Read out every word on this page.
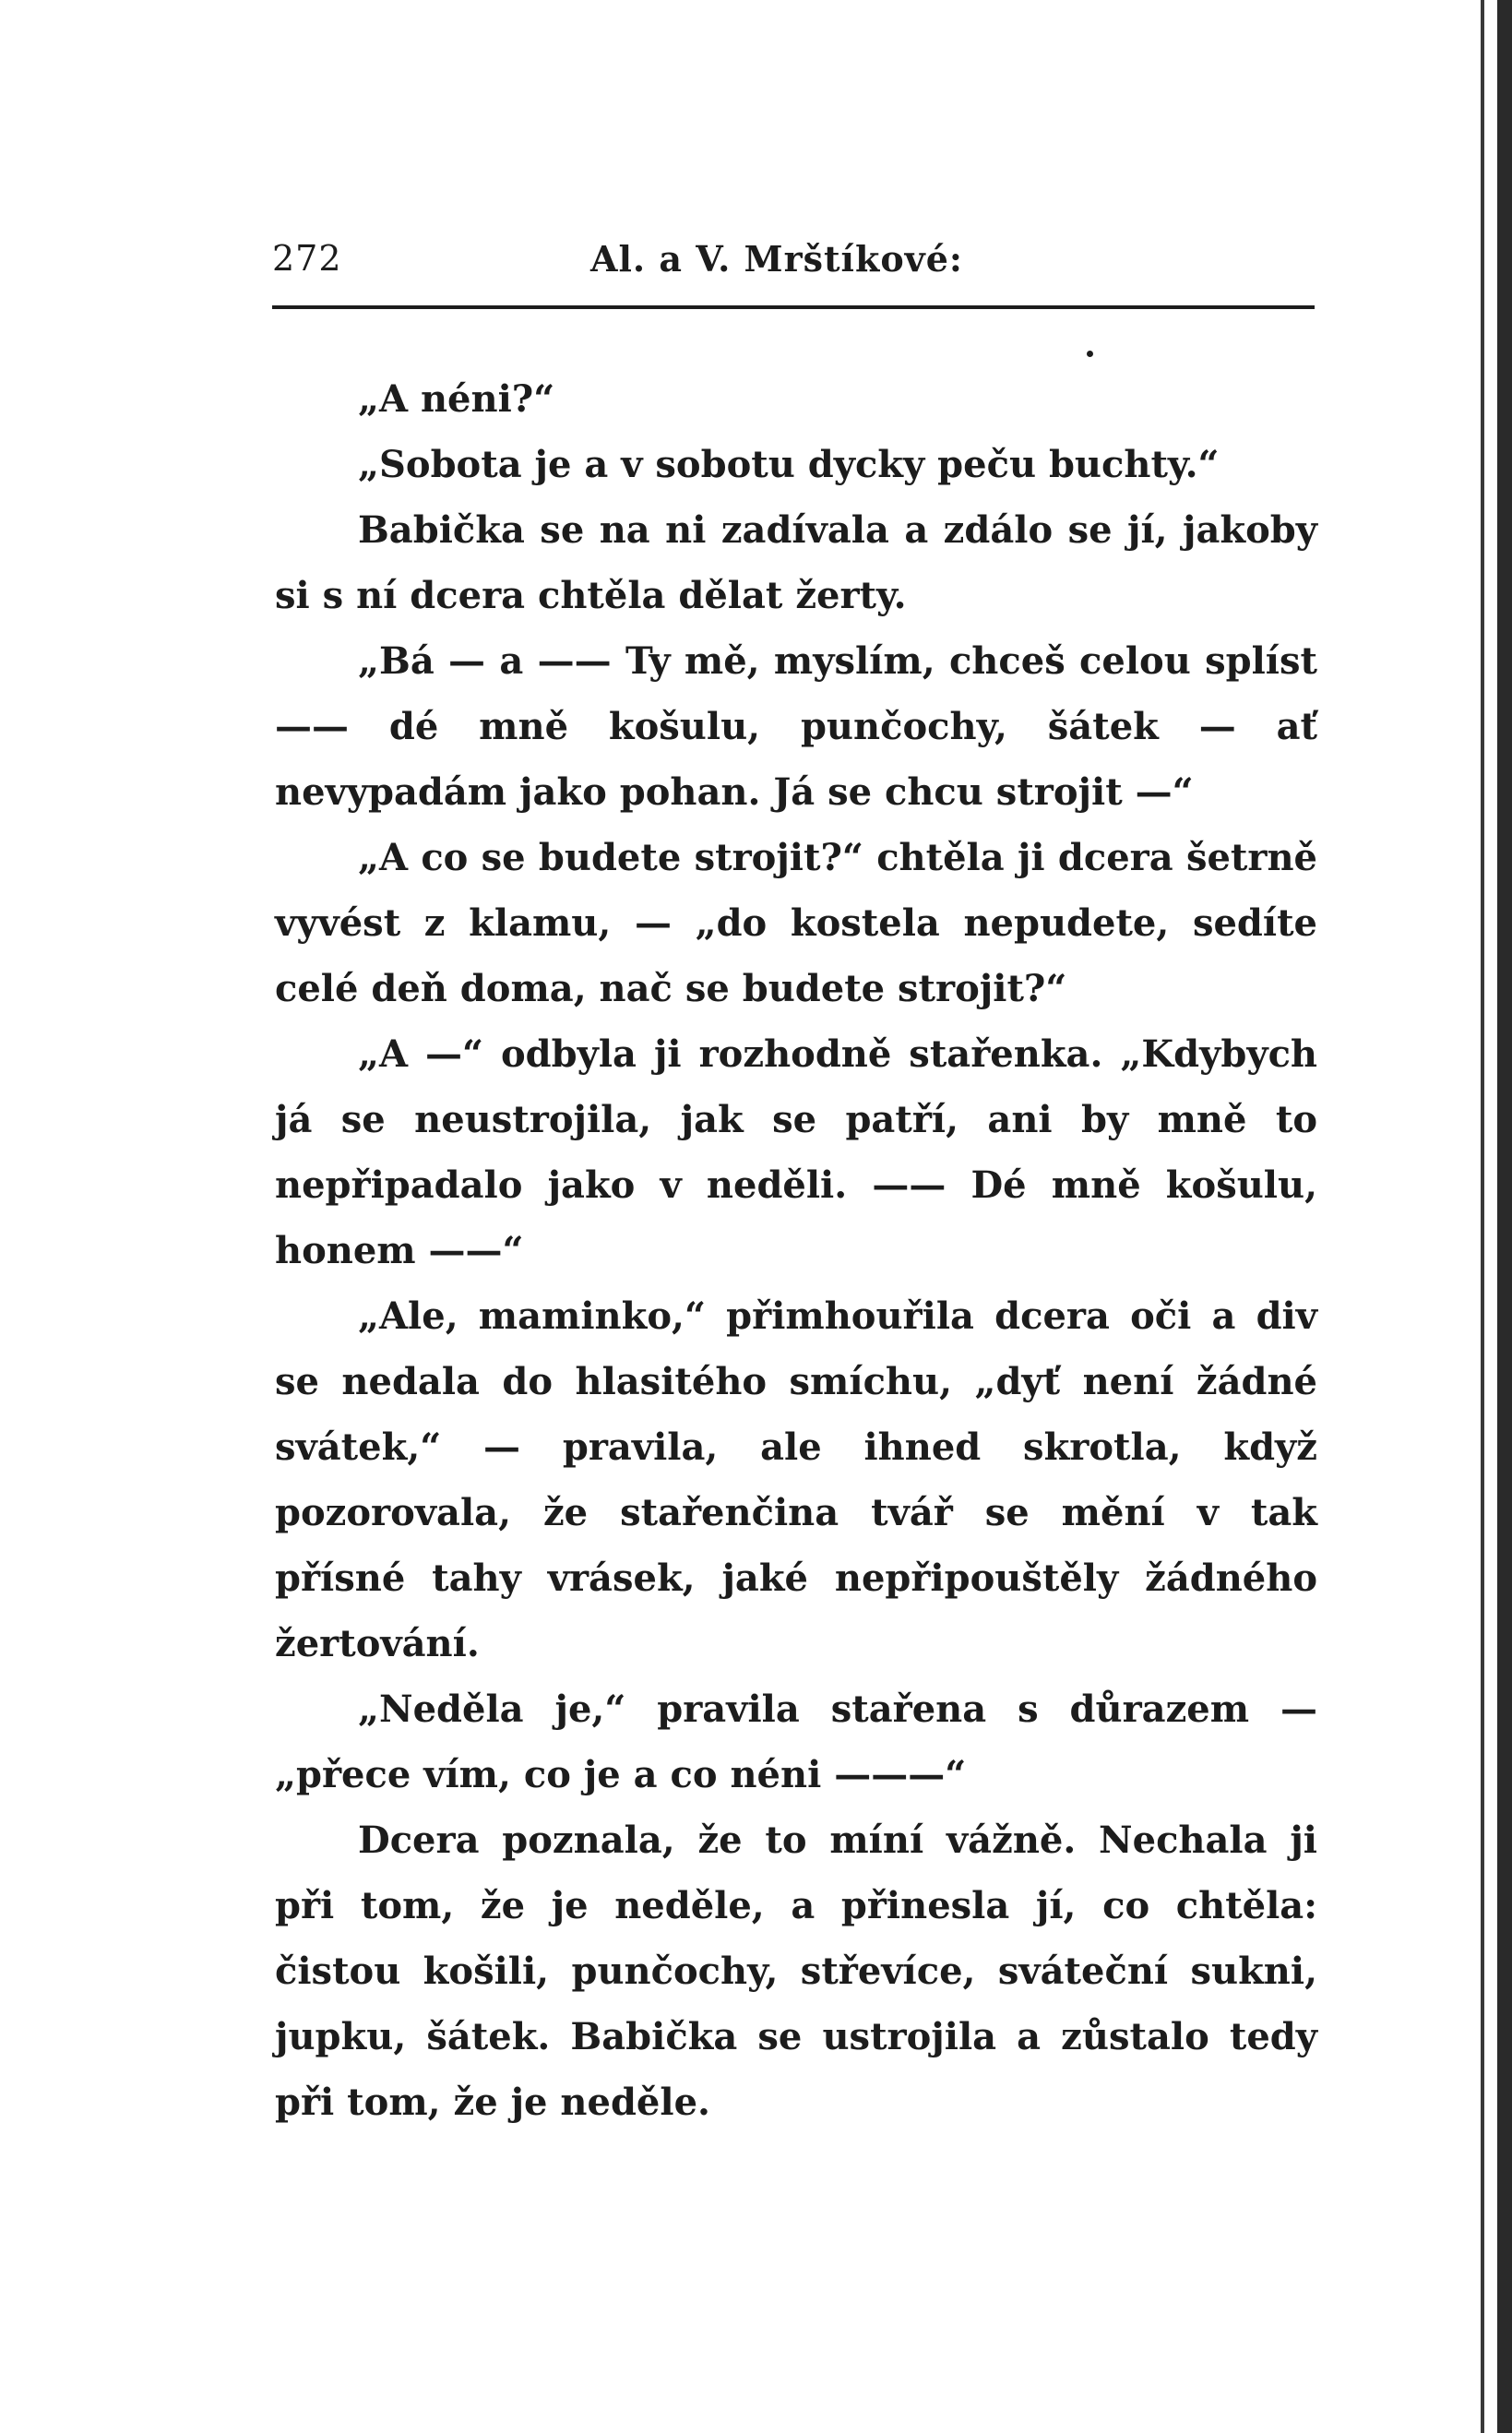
272	Al. a V. Mrštíkové:

„A néni?“

„Sobota je a v sobotu dycky peču buchty.“

Babička se na ni zadívala a zdálo se jí, jakoby si s ní dcera chtěla dělat žerty.

„Bá — a —— Ty mě, myslím, chceš celou splíst —— dé mně košulu, punčochy, šátek — ať nevypadám jako pohan. Já se chcu strojit —“

„A co se budete strojit?“ chtěla ji dcera šetrně vyvést z klamu, — „do kostela nepudete, sedíte celé deň doma, nač se budete strojit?“

„A —“ odbyla ji rozhodně stařenka. „Kdybych já se neustrojila, jak se patří, ani by mně to nepřipadalo jako v neděli. —— Dé mně košulu, honem ——“

„Ale, maminko,“ přimhouřila dcera oči a div se nedala do hlasitého smíchu, „dyť není žádné svátek,“ — pravila, ale ihned skrotla, když pozorovala, že stařenčina tvář se mění v tak přísné tahy vrásek, jaké nepřipouštěly žádného žertování.

„Neděla je,“ pravila stařena s důrazem — „přece vím, co je a co néni ———“

Dcera poznala, že to míní vážně. Nechala ji při tom, že je neděle, a přinesla jí, co chtěla: čistou košili, punčochy, střevíce, sváteční sukni, jupku, šátek. Babička se ustrojila a zůstalo tedy při tom, že je neděle.
